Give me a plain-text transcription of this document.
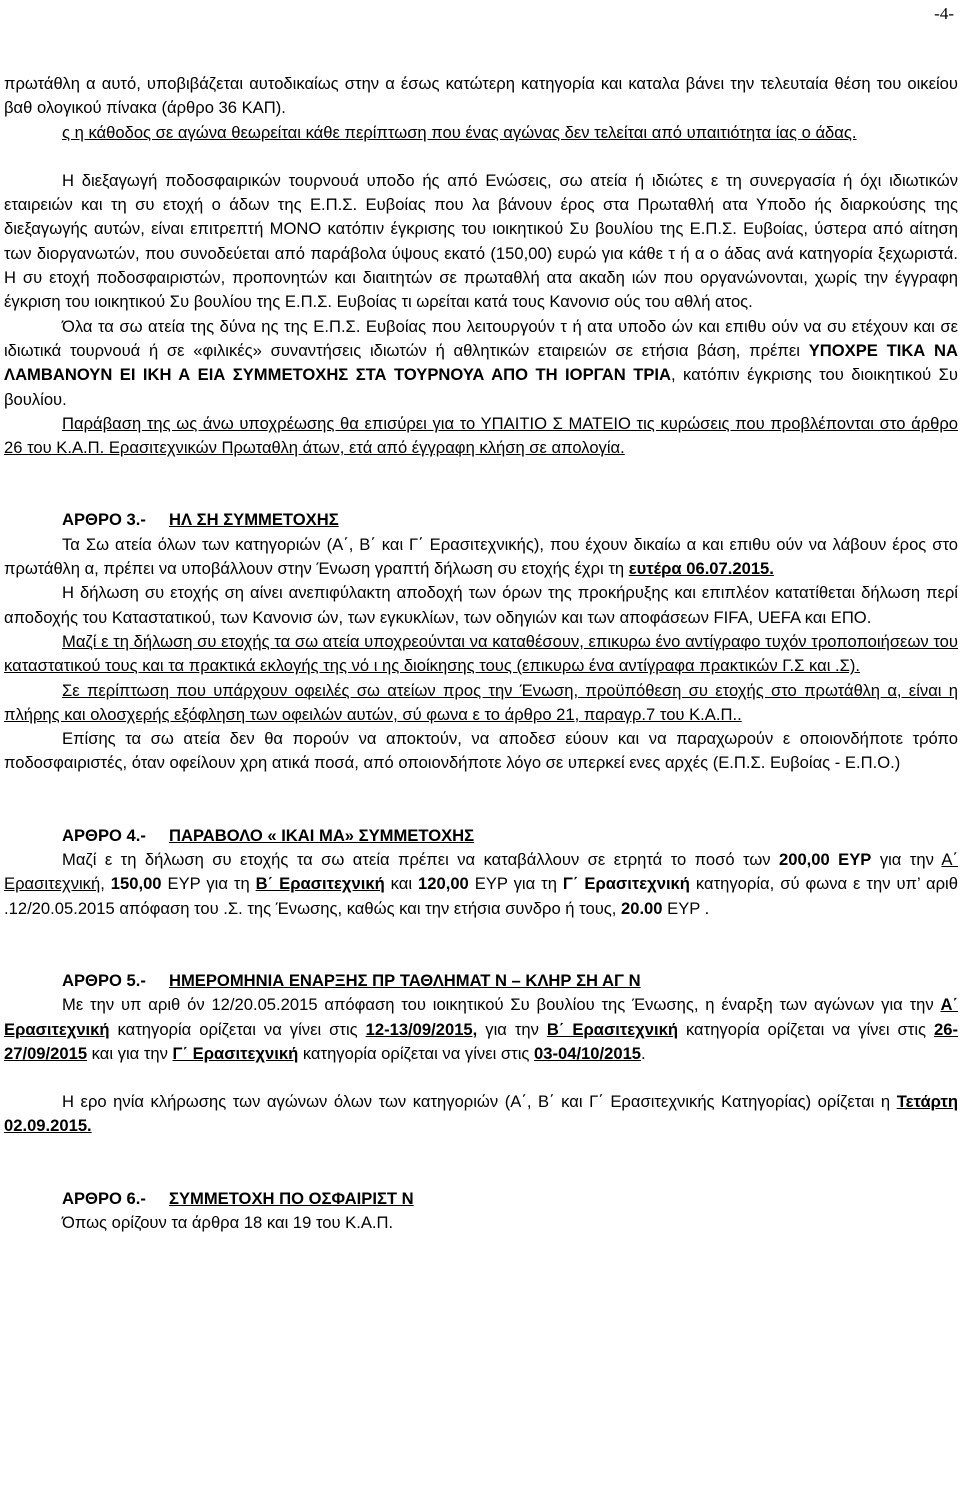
-4-

πρωτάθλη α αυτό, υποβιβάζεται αυτοδικαίως στην α έσως κατώτερη κατηγορία και καταλα βάνει την τελευταία θέση του οικείου βαθ ολογικού πίνακα (άρθρο 36 ΚΑΠ).

ς η κάθοδος σε αγώνα θεωρείται κάθε περίπτωση που ένας αγώνας δεν τελείται από υπαιτιότητα ίας ο άδας.

Η διεξαγωγή ποδοσφαιρικών τουρνουά υποδο ής από Ενώσεις, σω ατεία ή ιδιώτες ε τη συνεργασία ή όχι ιδιωτικών εταιρειών και τη συ ετοχή ο άδων της Ε.Π.Σ. Ευβοίας που λα βάνουν έρος στα Πρωταθλή ατα Υποδο ής διαρκούσης της διεξαγωγής αυτών, είναι επιτρεπτή ΜΟΝΟ κατόπιν έγκρισης του ιοικητικού Συ βουλίου της Ε.Π.Σ. Ευβοίας, ύστερα από αίτηση των διοργανωτών, που συνοδεύεται από παράβολα ύψους εκατό (150,00) ευρώ για κάθε τ ή α ο άδας ανά κατηγορία ξεχωριστά. Η συ ετοχή ποδοσφαιριστών, προπονητών και διαιτητών σε πρωταθλή ατα ακαδη ιών που οργανώνονται, χωρίς την έγγραφη έγκριση του ιοικητικού Συ βουλίου της Ε.Π.Σ. Ευβοίας τι ωρείται κατά τους Κανονισ ούς του αθλή ατος.

Όλα τα σω ατεία της δύνα ης της Ε.Π.Σ. Ευβοίας που λειτουργούν τ ή ατα υποδο ών και επιθυ ούν να συ ετέχουν και σε ιδιωτικά τουρνουά ή σε «φιλικές» συναντήσεις ιδιωτών ή αθλητικών εταιρειών σε ετήσια βάση, πρέπει ΥΠΟΧΡΕ ΤΙΚΑ ΝΑ ΛΑΜΒΑΝΟΥΝ ΕΙ ΙΚΗ Α ΕΙΑ ΣΥΜΜΕΤΟΧΗΣ ΣΤΑ ΤΟΥΡΝΟΥΑ ΑΠΟ ΤΗ ΙΟΡΓΑΝ ΤΡΙΑ, κατόπιν έγκρισης του διοικητικού Συ βουλίου.

Παράβαση της ως άνω υποχρέωσης θα επισύρει για το ΥΠΑΙΤΙΟ Σ ΜΑΤΕΙΟ τις κυρώσεις που προβλέπονται στο άρθρο 26 του Κ.Α.Π. Ερασιτεχνικών Πρωταθλη άτων, ετά από έγγραφη κλήση σε απολογία.

ΑΡΘΡΟ 3.- ΗΛ ΣΗ ΣΥΜΜΕΤΟΧΗΣ

Τα Σω ατεία όλων των κατηγοριών (Α΄, Β΄ και Γ΄ Ερασιτεχνικής), που έχουν δικαίω α και επιθυ ούν να λάβουν έρος στο πρωτάθλη α, πρέπει να υποβάλλουν στην Ένωση γραπτή δήλωση συ ετοχής έχρι τη ευτέρα 06.07.2015.

Η δήλωση συ ετοχής ση αίνει ανεπιφύλακτη αποδοχή των όρων της προκήρυξης και επιπλέον κατατίθεται δήλωση περί αποδοχής του Καταστατικού, των Κανονισ ών, των εγκυκλίων, των οδηγιών και των αποφάσεων FIFA, UEFA και ΕΠΟ.

Μαζί ε τη δήλωση συ ετοχής τα σω ατεία υποχρεούνται να καταθέσουν, επικυρω ένο αντίγραφο τυχόν τροποποιήσεων του καταστατικού τους και τα πρακτικά εκλογής της νό ι ης διοίκησης τους (επικυρω ένα αντίγραφα πρακτικών Γ.Σ και .Σ).

Σε περίπτωση που υπάρχουν οφειλές σω ατείων προς την Ένωση, προϋπόθεση συ ετοχής στο πρωτάθλη α, είναι η πλήρης και ολοσχερής εξόφληση των οφειλών αυτών, σύ φωνα ε το άρθρο 21, παραγρ.7 του Κ.Α.Π..

Επίσης τα σω ατεία δεν θα πορούν να αποκτούν, να αποδεσ εύουν και να παραχωρούν ε οποιονδήποτε τρόπο ποδοσφαιριστές, όταν οφείλουν χρη ατικά ποσά, από οποιονδήποτε λόγο σε υπερκεί ενες αρχές (Ε.Π.Σ. Ευβοίας - Ε.Π.Ο.)

ΑΡΘΡΟ 4.- ΠΑΡΑΒΟΛΟ « ΙΚΑΙ ΜΑ» ΣΥΜΜΕΤΟΧΗΣ

Μαζί ε τη δήλωση συ ετοχής τα σω ατεία πρέπει να καταβάλλουν σε ετρητά το ποσό των 200,00 ΕΥΡ για την Α΄ Ερασιτεχνική, 150,00 ΕΥΡ για τη Β΄ Ερασιτεχνική και 120,00 ΕΥΡ για τη Γ΄ Ερασιτεχνική κατηγορία, σύ φωνα ε την υπ’ αριθ .12/20.05.2015 απόφαση του .Σ. της Ένωσης, καθώς και την ετήσια συνδρο ή τους, 20.00 ΕΥΡ .

ΑΡΘΡΟ 5.- ΗΜΕΡΟΜΗΝΙΑ ΕΝΑΡΞΗΣ ΠΡ ΤΑΘΛΗΜΑΤ Ν – ΚΛΗΡ ΣΗ ΑΓ Ν

Με την υπ αριθ όν 12/20.05.2015 απόφαση του ιοικητικού Συ βουλίου της Ένωσης, η έναρξη των αγώνων για την Α΄ Ερασιτεχνική κατηγορία ορίζεται να γίνει στις 12-13/09/2015, για την Β΄ Ερασιτεχνική κατηγορία ορίζεται να γίνει στις 26-27/09/2015 και για την Γ΄ Ερασιτεχνική κατηγορία ορίζεται να γίνει στις 03-04/10/2015.

Η ερο ηνία κλήρωσης των αγώνων όλων των κατηγοριών (Α΄, Β΄ και Γ΄ Ερασιτεχνικής Κατηγορίας) ορίζεται η Τετάρτη 02.09.2015.

ΑΡΘΡΟ 6.- ΣΥΜΜΕΤΟΧΗ ΠΟ ΟΣΦΑΙΡΙΣΤ Ν

Όπως ορίζουν τα άρθρα 18 και 19 του Κ.Α.Π.
